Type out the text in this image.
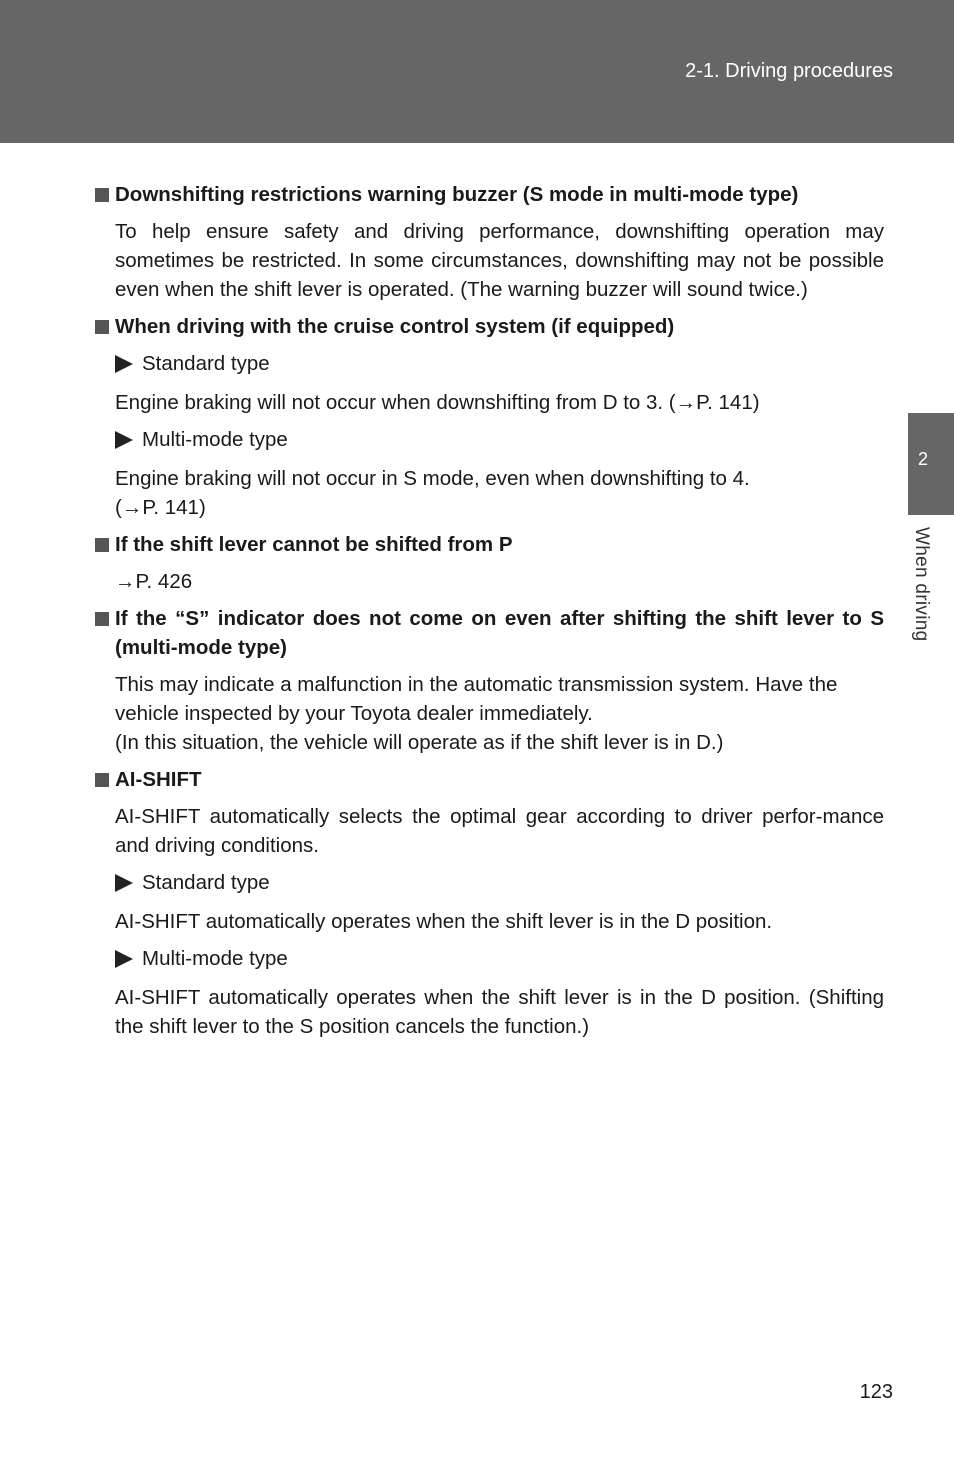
2-1. Driving procedures
2
When driving
Downshifting restrictions warning buzzer (S mode in multi-mode type)
To help ensure safety and driving performance, downshifting operation may sometimes be restricted. In some circumstances, downshifting may not be possible even when the shift lever is operated. (The warning buzzer will sound twice.)
When driving with the cruise control system (if equipped)
Standard type
Engine braking will not occur when downshifting from D to 3. (→P. 141)
Multi-mode type
Engine braking will not occur in S mode, even when downshifting to 4.
(→P. 141)
If the shift lever cannot be shifted from P
→P. 426
If the “S” indicator does not come on even after shifting the shift lever to S (multi-mode type)
This may indicate a malfunction in the automatic transmission system. Have the vehicle inspected by your Toyota dealer immediately.
(In this situation, the vehicle will operate as if the shift lever is in D.)
AI-SHIFT
AI-SHIFT automatically selects the optimal gear according to driver perfor-mance and driving conditions.
Standard type
AI-SHIFT automatically operates when the shift lever is in the D position.
Multi-mode type
AI-SHIFT automatically operates when the shift lever is in the D position. (Shifting the shift lever to the S position cancels the function.)
123
